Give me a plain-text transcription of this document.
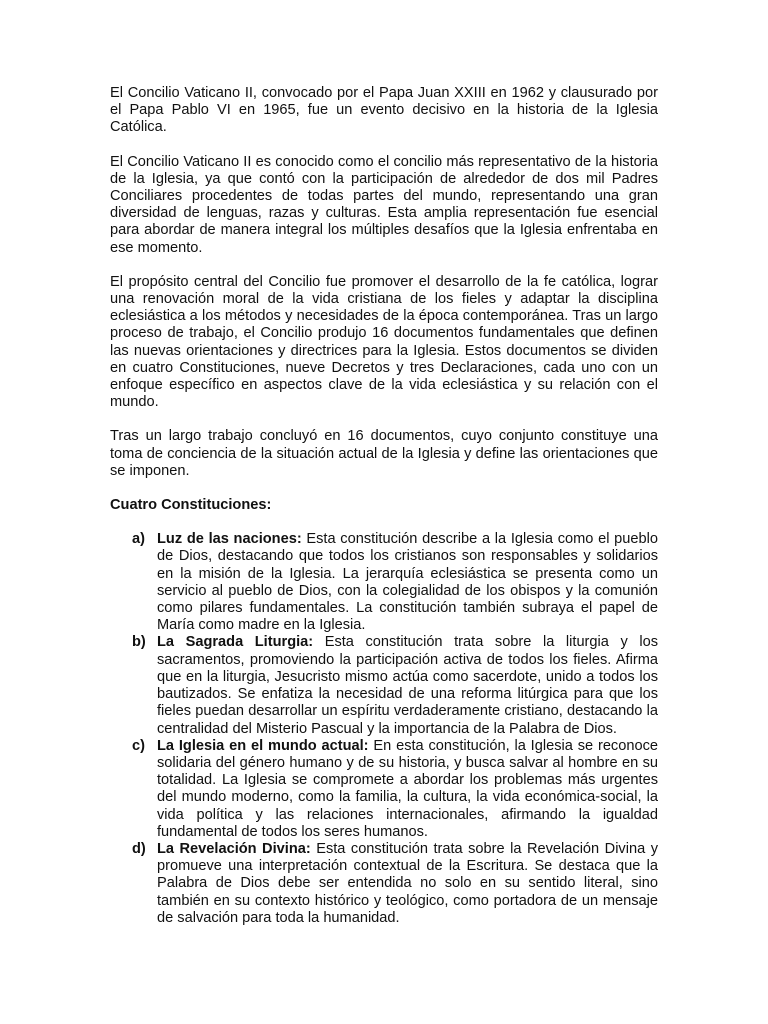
El Concilio Vaticano II, convocado por el Papa Juan XXIII en 1962 y clausurado por el Papa Pablo VI en 1965, fue un evento decisivo en la historia de la Iglesia Católica.

El Concilio Vaticano II es conocido como el concilio más representativo de la historia de la Iglesia, ya que contó con la participación de alrededor de dos mil Padres Conciliares procedentes de todas partes del mundo, representando una gran diversidad de lenguas, razas y culturas. Esta amplia representación fue esencial para abordar de manera integral los múltiples desafíos que la Iglesia enfrentaba en ese momento.

El propósito central del Concilio fue promover el desarrollo de la fe católica, lograr una renovación moral de la vida cristiana de los fieles y adaptar la disciplina eclesiástica a los métodos y necesidades de la época contemporánea. Tras un largo proceso de trabajo, el Concilio produjo 16 documentos fundamentales que definen las nuevas orientaciones y directrices para la Iglesia. Estos documentos se dividen en cuatro Constituciones, nueve Decretos y tres Declaraciones, cada uno con un enfoque específico en aspectos clave de la vida eclesiástica y su relación con el mundo.

Tras un largo trabajo concluyó en 16 documentos, cuyo conjunto constituye una toma de conciencia de la situación actual de la Iglesia y define las orientaciones que se imponen.

Cuatro Constituciones:

a) Luz de las naciones: Esta constitución describe a la Iglesia como el pueblo de Dios, destacando que todos los cristianos son responsables y solidarios en la misión de la Iglesia. La jerarquía eclesiástica se presenta como un servicio al pueblo de Dios, con la colegialidad de los obispos y la comunión como pilares fundamentales. La constitución también subraya el papel de María como madre en la Iglesia.
b) La Sagrada Liturgia: Esta constitución trata sobre la liturgia y los sacramentos, promoviendo la participación activa de todos los fieles. Afirma que en la liturgia, Jesucristo mismo actúa como sacerdote, unido a todos los bautizados. Se enfatiza la necesidad de una reforma litúrgica para que los fieles puedan desarrollar un espíritu verdaderamente cristiano, destacando la centralidad del Misterio Pascual y la importancia de la Palabra de Dios.
c) La Iglesia en el mundo actual: En esta constitución, la Iglesia se reconoce solidaria del género humano y de su historia, y busca salvar al hombre en su totalidad. La Iglesia se compromete a abordar los problemas más urgentes del mundo moderno, como la familia, la cultura, la vida económica-social, la vida política y las relaciones internacionales, afirmando la igualdad fundamental de todos los seres humanos.
d) La Revelación Divina: Esta constitución trata sobre la Revelación Divina y promueve una interpretación contextual de la Escritura. Se destaca que la Palabra de Dios debe ser entendida no solo en su sentido literal, sino también en su contexto histórico y teológico, como portadora de un mensaje de salvación para toda la humanidad.
